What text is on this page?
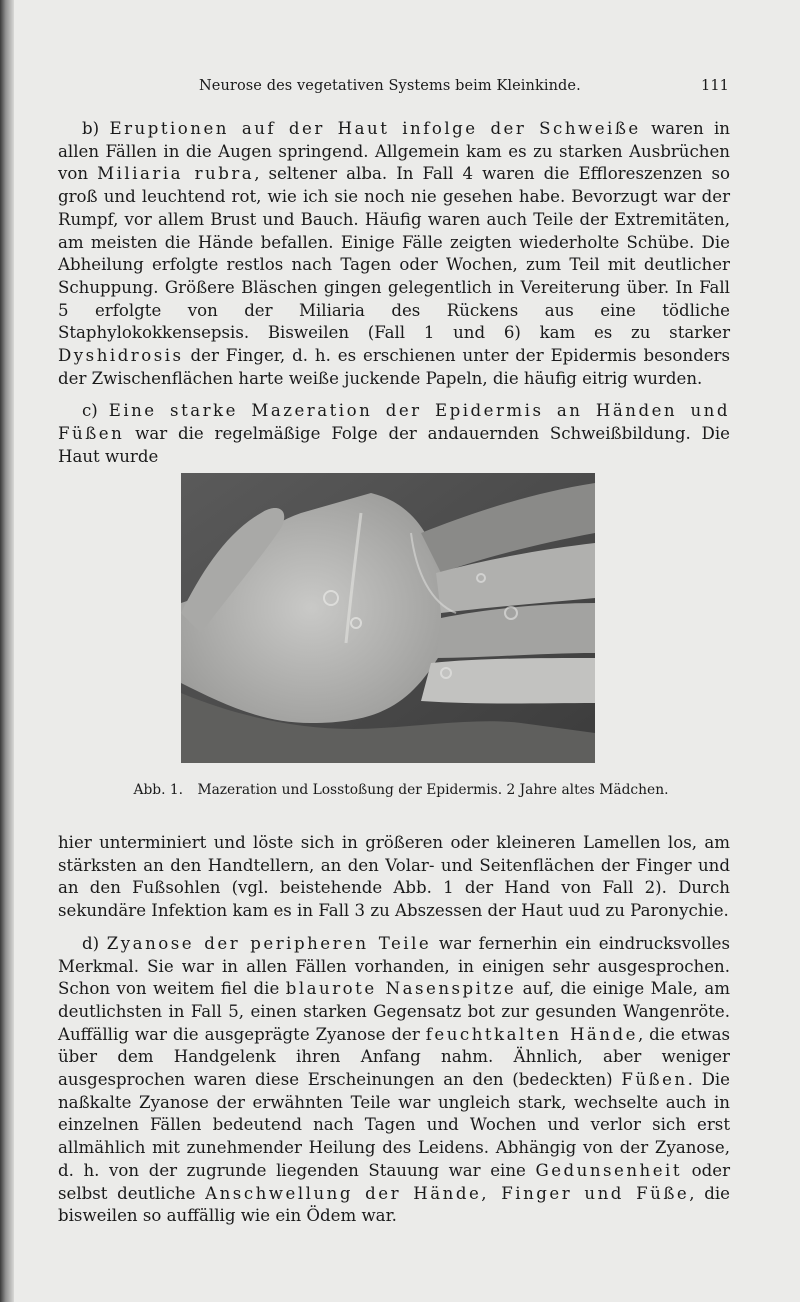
Neurose des vegetativen Systems beim Kleinkinde.	111

b) Eruptionen auf der Haut infolge der Schweiße waren in allen Fällen in die Augen springend. Allgemein kam es zu starken Ausbrüchen von Miliaria rubra, seltener alba. In Fall 4 waren die Effloreszenzen so groß und leuchtend rot, wie ich sie noch nie gesehen habe. Bevorzugt war der Rumpf, vor allem Brust und Bauch. Häufig waren auch Teile der Extremitäten, am meisten die Hände befallen. Einige Fälle zeigten wiederholte Schübe. Die Abheilung erfolgte restlos nach Tagen oder Wochen, zum Teil mit deutlicher Schuppung. Größere Bläschen gingen gelegentlich in Vereiterung über. In Fall 5 erfolgte von der Miliaria des Rückens aus eine tödliche Staphylokokkensepsis. Bisweilen (Fall 1 und 6) kam es zu starker Dyshidrosis der Finger, d. h. es erschienen unter der Epidermis besonders der Zwischenflächen harte weiße juckende Papeln, die häufig eitrig wurden.

c) Eine starke Mazeration der Epidermis an Händen und Füßen war die regelmäßige Folge der andauernden Schweißbildung. Die Haut wurde

Abb. 1. Mazeration und Losstoßung der Epidermis. 2 Jahre altes Mädchen.

hier unterminiert und löste sich in größeren oder kleineren Lamellen los, am stärksten an den Handtellern, an den Volar- und Seitenflächen der Finger und an den Fußsohlen (vgl. beistehende Abb. 1 der Hand von Fall 2). Durch sekundäre Infektion kam es in Fall 3 zu Abszessen der Haut uud zu Paronychie.

d) Zyanose der peripheren Teile war fernerhin ein eindrucksvolles Merkmal. Sie war in allen Fällen vorhanden, in einigen sehr ausgesprochen. Schon von weitem fiel die blaurote Nasenspitze auf, die einige Male, am deutlichsten in Fall 5, einen starken Gegensatz bot zur gesunden Wangenröte. Auffällig war die ausgeprägte Zyanose der feuchtkalten Hände, die etwas über dem Handgelenk ihren Anfang nahm. Ähnlich, aber weniger ausgesprochen waren diese Erscheinungen an den (bedeckten) Füßen. Die naßkalte Zyanose der erwähnten Teile war ungleich stark, wechselte auch in einzelnen Fällen bedeutend nach Tagen und Wochen und verlor sich erst allmählich mit zunehmender Heilung des Leidens. Abhängig von der Zyanose, d. h. von der zugrunde liegenden Stauung war eine Gedunsenheit oder selbst deutliche Anschwellung der Hände, Finger und Füße, die bisweilen so auffällig wie ein Ödem war.
